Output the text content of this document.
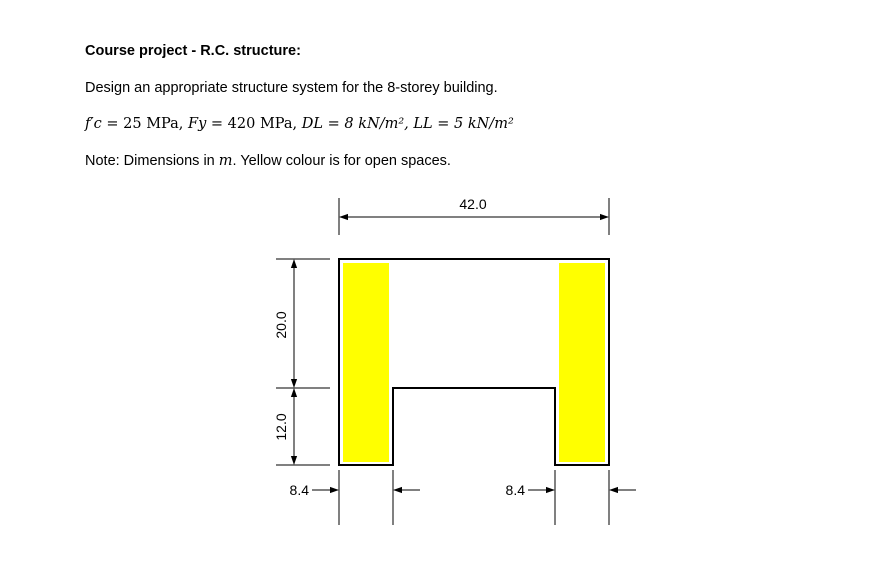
Course project - R.C. structure:
Design an appropriate structure system for the 8-storey building.
f′c = 25 MPa, Fy = 420 MPa, DL = 8 kN/m², LL = 5 kN/m²
Note: Dimensions in m. Yellow colour is for open spaces.
42.0
20.0
12.0
8.4	8.4
